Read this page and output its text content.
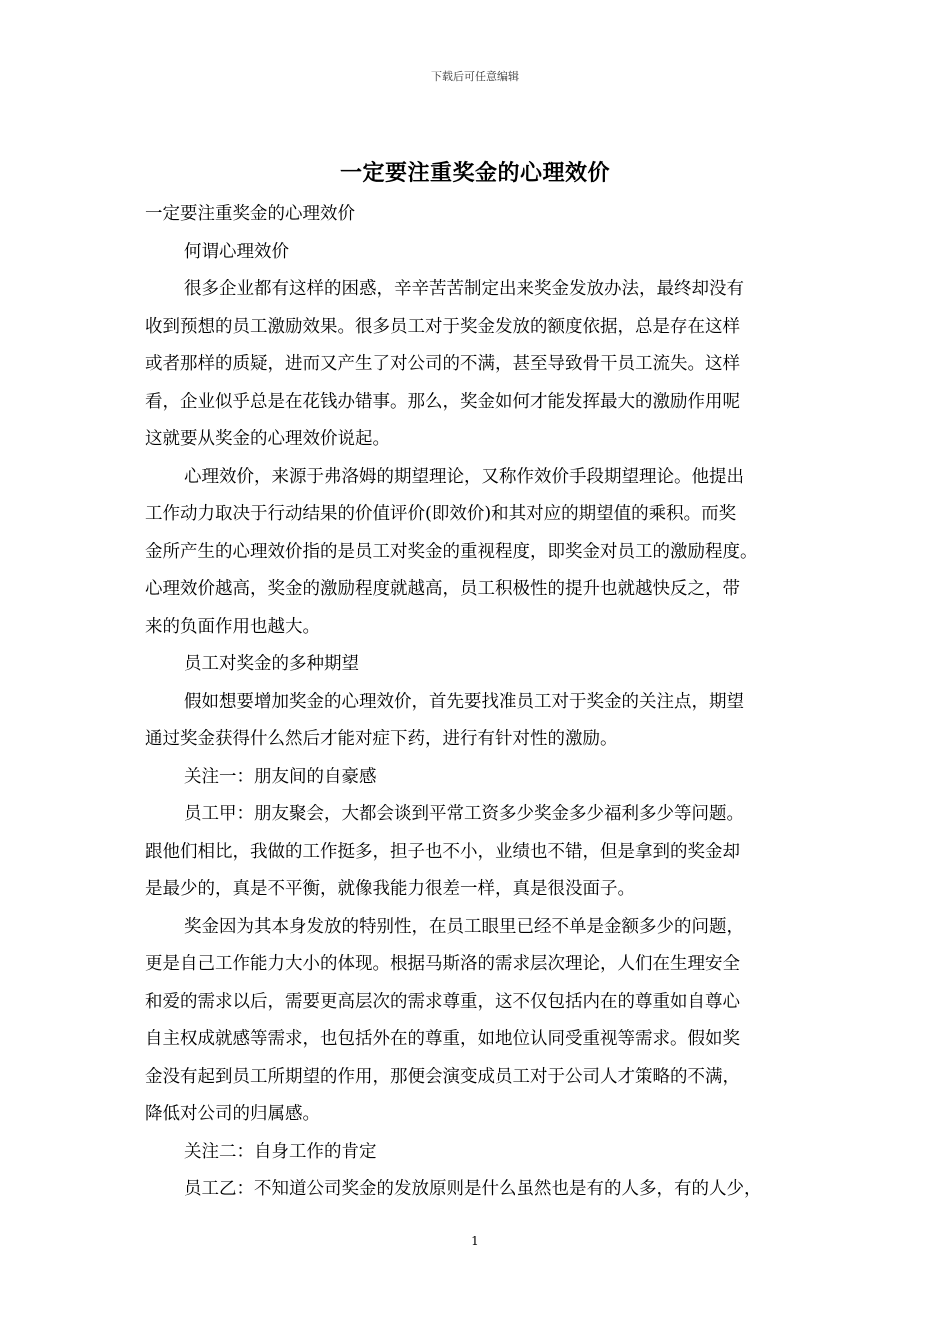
下载后可任意编辑
一定要注重奖金的心理效价
一定要注重奖金的心理效价
何谓心理效价
很多企业都有这样的困惑，辛辛苦苦制定出来奖金发放办法，最终却没有
收到预想的员工激励效果。很多员工对于奖金发放的额度依据，总是存在这样
或者那样的质疑，进而又产生了对公司的不满，甚至导致骨干员工流失。这样
看，企业似乎总是在花钱办错事。那么，奖金如何才能发挥最大的激励作用呢
这就要从奖金的心理效价说起。
心理效价，来源于弗洛姆的期望理论，又称作效价手段期望理论。他提出
工作动力取决于行动结果的价值评价(即效价)和其对应的期望值的乘积。而奖
金所产生的心理效价指的是员工对奖金的重视程度，即奖金对员工的激励程度。
心理效价越高，奖金的激励程度就越高，员工积极性的提升也就越快反之，带
来的负面作用也越大。
员工对奖金的多种期望
假如想要增加奖金的心理效价，首先要找准员工对于奖金的关注点，期望
通过奖金获得什么然后才能对症下药，进行有针对性的激励。
关注一：朋友间的自豪感
员工甲：朋友聚会，大都会谈到平常工资多少奖金多少福利多少等问题。
跟他们相比，我做的工作挺多，担子也不小，业绩也不错，但是拿到的奖金却
是最少的，真是不平衡，就像我能力很差一样，真是很没面子。
奖金因为其本身发放的特别性，在员工眼里已经不单是金额多少的问题，
更是自己工作能力大小的体现。根据马斯洛的需求层次理论，人们在生理安全
和爱的需求以后，需要更高层次的需求尊重，这不仅包括内在的尊重如自尊心
自主权成就感等需求，也包括外在的尊重，如地位认同受重视等需求。假如奖
金没有起到员工所期望的作用，那便会演变成员工对于公司人才策略的不满，
降低对公司的归属感。
关注二：自身工作的肯定
员工乙：不知道公司奖金的发放原则是什么虽然也是有的人多，有的人少，
1
